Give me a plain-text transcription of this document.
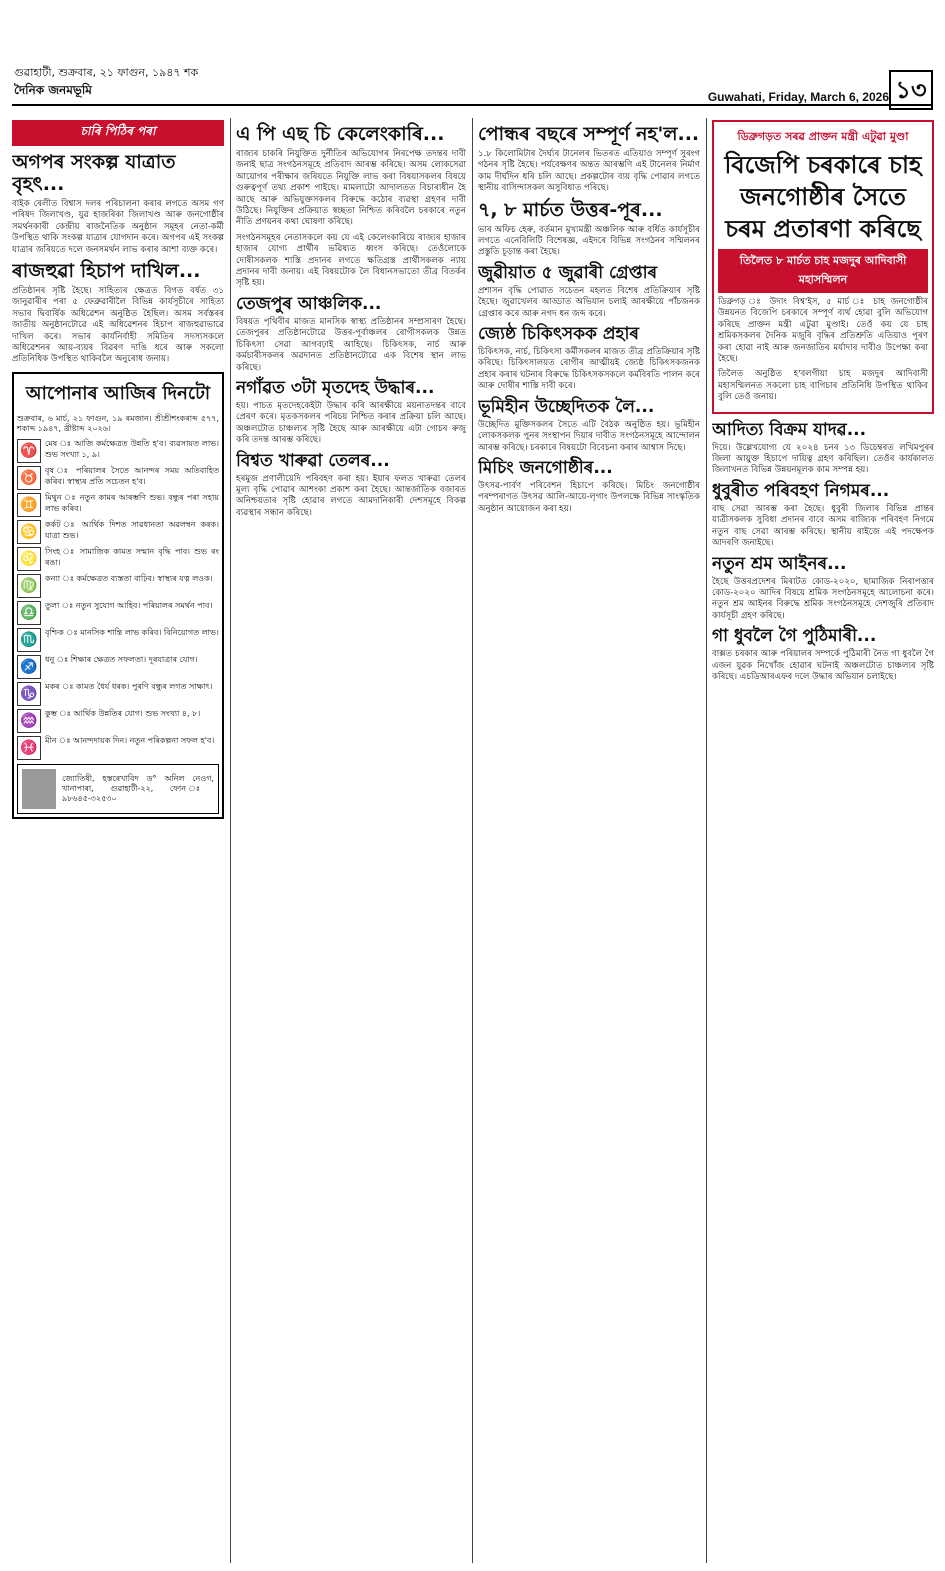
গুৱাহাটী, শুক্ৰবাৰ, ২১ ফাগুন, ১৯৪৭ শক
দৈনিক জনমভূমি	Guwahati, Friday, March 6, 2026 ১৩
চাৰি পিঠিৰ পৰা
অগপৰ সংকল্প যাত্ৰাত বৃহৎ...

বাইক ৰেলীত বিশ্বাস দলৰ পৰিচালনা কৰাৰ লগতে অসম গণ পৰিষদ জিলাখণ্ড, যুৱ হাজৰিকা জিলাখণ্ড আৰু জনগোষ্ঠীৰ সমৰ্থনকাৰী কেন্দ্ৰীয় ৰাজনৈতিক অনুষ্ঠান সমূহৰ নেতা-কৰ্মী উপস্থিত থাকি সংকল্প যাত্ৰাৰ যোগদান কৰে। অগপৰ এই সংকল্প যাত্ৰাৰ জৰিয়তে দলে জনসমৰ্থন লাভ কৰাৰ আশা ব্যক্ত কৰে।

ৰাজহুৱা হিচাপ দাখিল...

প্ৰতিষ্ঠানৰ সৃষ্টি হৈছে। সাহিত্যৰ ক্ষেত্ৰত বিগত বৰ্ষত ৩১ জানুৱাৰীৰ পৰা ৫ ফেব্ৰুৱাৰীলৈ বিভিন্ন কাৰ্যসূচীৰে সাহিত্য সভাৰ দ্বিবাৰ্ষিক অধিৱেশন অনুষ্ঠিত হৈছিল। অসম সৰ্বস্তৰৰ জাতীয় অনুষ্ঠানটোৱে এই অধিৱেশনৰ হিচাপ ৰাজহুৱাভাৱে দাখিল কৰে। সভাৰ কাৰ্যনিৰ্বাহী সমিতিৰ সদস্যসকলে অধিৱেশনৰ আয়-ব্যয়ৰ বিৱৰণ দাঙি ধৰে আৰু সকলো প্ৰতিনিধিক উপস্থিত থাকিবলৈ অনুৰোধ জনায়।

আপোনাৰ আজিৰ দিনটো

শুক্ৰবাৰ, ৬ মাৰ্চ, ২১ ফাগুন, ১৯ ৰমজান। শ্ৰীশ্ৰীশংকৰাব্দ ৫৭৭, শকাব্দ ১৯৪৭, খ্ৰীষ্টাব্দ ২০২৬।

♈ মেষ ঃ আজি কৰ্মক্ষেত্ৰত উন্নতি হ'ব। ব্যৱসায়ত লাভ। শুভ সংখ্যা ১, ৯।

♉ বৃষ ঃ পৰিয়ালৰ সৈতে আনন্দৰ সময় অতিবাহিত কৰিব। স্বাস্থ্যৰ প্ৰতি সচেতন হ'ব।

♊ মিথুন ঃ নতুন কামৰ আৰম্ভণি শুভ। বন্ধুৰ পৰা সহায় লাভ কৰিব।

♋ কৰ্কট ঃ আৰ্থিক দিশত সাৱধানতা অৱলম্বন কৰক। যাত্ৰা শুভ।

♌ সিংহ ঃ সামাজিক কামত সন্মান বৃদ্ধি পাব। শুভ ৰং ৰঙা।

♍ কন্যা ঃ কৰ্মক্ষেত্ৰত ব্যস্ততা বাঢ়িব। স্বাস্থ্যৰ যত্ন লওক।

♎ তুলা ঃ নতুন সুযোগ আহিব। পৰিয়ালৰ সমৰ্থন পাব।

♏ বৃশ্চিক ঃ মানসিক শান্তি লাভ কৰিব। বিনিয়োগত লাভ।

♐ ধনু ঃ শিক্ষাৰ ক্ষেত্ৰত সফলতা। দূৰযাত্ৰাৰ যোগ।

♑ মকৰ ঃ কামত ধৈৰ্য ধৰক। পুৰণি বন্ধুৰ লগত সাক্ষাৎ।

♒ কুম্ভ ঃ আৰ্থিক উন্নতিৰ যোগ। শুভ সংখ্যা ৪, ৮।

♓ মীন ঃ আনন্দদায়ক দিন। নতুন পৰিকল্পনা সফল হ'ব।

জ্যোতিষী, হস্তৰেখাবিদ ড° অনিল নেওগ, খানাপাৰা, গুৱাহাটী-২২, ফোন ঃ ৯৮৬৪৫-৩২৫৩০

এ পি এছ চি কেলেংকাৰি...

ৰাজ্যৰ চাকৰি নিযুক্তিত দুৰ্নীতিৰ অভিযোগৰ নিৰপেক্ষ তদন্তৰ দাবী জনাই ছাত্ৰ সংগঠনসমূহে প্ৰতিবাদ আৰম্ভ কৰিছে। অসম লোকসেৱা আয়োগৰ পৰীক্ষাৰ জৰিয়তে নিযুক্তি লাভ কৰা বিষয়াসকলৰ বিষয়ে গুৰুত্বপূৰ্ণ তথ্য প্ৰকাশ পাইছে। মামলাটো আদালতত বিচাৰাধীন হৈ আছে আৰু অভিযুক্তসকলৰ বিৰুদ্ধে কঠোৰ ব্যৱস্থা গ্ৰহণৰ দাবী উঠিছে। নিযুক্তিৰ প্ৰক্ৰিয়াত স্বচ্ছতা নিশ্চিত কৰিবলৈ চৰকাৰে নতুন নীতি প্ৰণয়নৰ কথা ঘোষণা কৰিছে।

সংগঠনসমূহৰ নেতাসকলে কয় যে এই কেলেংকাৰিয়ে ৰাজ্যৰ হাজাৰ হাজাৰ যোগ্য প্ৰাৰ্থীৰ ভৱিষ্যত ধ্বংস কৰিছে। তেওঁলোকে দোষীসকলক শাস্তি প্ৰদানৰ লগতে ক্ষতিগ্ৰস্ত প্ৰাৰ্থীসকলক ন্যায় প্ৰদানৰ দাবী জনায়। এই বিষয়টোক লৈ বিধানসভাতো তীব্ৰ বিতৰ্কৰ সৃষ্টি হয়।

তেজপুৰ আঞ্চলিক...

বিষয়ত পৃথিবীৰ মাজত মানসিক স্বাস্থ্য প্ৰতিষ্ঠানৰ সম্প্ৰসাৰণ হৈছে। তেজপুৰৰ প্ৰতিষ্ঠানটোৱে উত্তৰ-পূৰ্বাঞ্চলৰ ৰোগীসকলক উন্নত চিকিৎসা সেৱা আগবঢ়াই আহিছে। চিকিৎসক, নাৰ্চ আৰু কৰ্মচাৰীসকলৰ অৱদানত প্ৰতিষ্ঠানটোৱে এক বিশেষ স্থান লাভ কৰিছে।

নগাঁৱত ৩টা মৃতদেহ উদ্ধাৰ...

হয়। পাচত মৃতদেহকেইটা উদ্ধাৰ কৰি আৰক্ষীয়ে ময়নাতদন্তৰ বাবে প্ৰেৰণ কৰে। মৃতকসকলৰ পৰিচয় নিশ্চিত কৰাৰ প্ৰক্ৰিয়া চলি আছে। অঞ্চলটোত চাঞ্চল্যৰ সৃষ্টি হৈছে আৰু আৰক্ষীয়ে এটা গোচৰ ৰুজু কৰি তদন্ত আৰম্ভ কৰিছে।

বিশ্বত খাৰুৱা তেলৰ...

হৰমুজ প্ৰণালীয়েদি পৰিবহণ কৰা হয়। ইয়াৰ ফলত খাৰুৱা তেলৰ মূল্য বৃদ্ধি পোৱাৰ আশংকা প্ৰকাশ কৰা হৈছে। আন্তৰ্জাতিক বজাৰত অনিশ্চয়তাৰ সৃষ্টি হোৱাৰ লগতে আমদানিকাৰী দেশসমূহে বিকল্প ব্যৱস্থাৰ সন্ধান কৰিছে।

পোন্ধৰ বছৰে সম্পূৰ্ণ নহ'ল...

১.৮ কিলোমিটাৰ দৈৰ্ঘ্যৰ টানেলৰ ভিতৰত এতিয়াও সম্পূৰ্ণ সুৰংগ গঠনৰ সৃষ্টি হৈছে। পৰ্যবেক্ষণৰ অন্তত আৰম্ভণি এই টানেলৰ নিৰ্মাণ কাম দীৰ্ঘদিন ধৰি চলি আছে। প্ৰকল্পটোৰ ব্যয় বৃদ্ধি পোৱাৰ লগতে স্থানীয় বাসিন্দাসকল অসুবিধাত পৰিছে।

৭, ৮ মাৰ্চত উত্তৰ-পূৰ...

ভাৰ অফিচ হেৰু, বৰ্তমান মুখ্যমন্ত্ৰী অঞ্চলিক আৰু বৰ্ধিত কাৰ্যসূচীৰ লগতে এনেবিলিটি বিশেষজ্ঞ, এইদৰে বিভিন্ন সংগঠনৰ সম্মিলনৰ প্ৰস্তুতি চূড়ান্ত কৰা হৈছে।

জুৱীয়াত ৫ জুৱাৰী গ্ৰেপ্তাৰ

প্ৰশাসন বৃদ্ধি পোৱাত সচেতন মহলত বিশেষ প্ৰতিক্ৰিয়াৰ সৃষ্টি হৈছে। জুৱাখেলৰ আড্ডাত অভিযান চলাই আৰক্ষীয়ে পাঁচজনক গ্ৰেপ্তাৰ কৰে আৰু নগদ ধন জব্দ কৰে।

জ্যেষ্ঠ চিকিৎসকক প্ৰহাৰ

চিকিৎসক, নাৰ্চ, চিকিৎসা কৰ্মীসকলৰ মাজত তীব্ৰ প্ৰতিক্ৰিয়াৰ সৃষ্টি কৰিছে। চিকিৎসালয়ত ৰোগীৰ আত্মীয়ই জ্যেষ্ঠ চিকিৎসকজনক প্ৰহাৰ কৰাৰ ঘটনাৰ বিৰুদ্ধে চিকিৎসকসকলে কৰ্মবিৰতি পালন কৰে আৰু দোষীৰ শাস্তি দাবী কৰে।

ভূমিহীন উচ্ছেদিতক লৈ...

উচ্ছেদিত মুক্তিসকলৰ সৈতে এটি বৈঠক অনুষ্ঠিত হয়। ভূমিহীন লোকসকলক পুনৰ সংস্থাপন দিয়াৰ দাবীত সংগঠনসমূহে আন্দোলন আৰম্ভ কৰিছে। চৰকাৰে বিষয়টো বিবেচনা কৰাৰ আশ্বাস দিছে।

মিচিং জনগোষ্ঠীৰ...

উৎসৱ-পাৰ্বণ পৰিবেশন হিচাপে কৰিছে। মিচিং জনগোষ্ঠীৰ পৰম্পৰাগত উৎসৱ আলি-আয়ে-লৃগাং উপলক্ষে বিভিন্ন সাংস্কৃতিক অনুষ্ঠান আয়োজন কৰা হয়।

ডিব্ৰুগড়ত সৰৱ প্ৰাক্তন মন্ত্ৰী এটুৱা মুণ্ডা
বিজেপি চৰকাৰে চাহ জনগোষ্ঠীৰ সৈতে চৰম প্ৰতাৰণা কৰিছে
তিলৈত ৮ মাৰ্চত চাহ মজদুৰ আদিবাসী মহাসম্মিলন

ডিব্ৰুগড় ঃ উদাং বিশ্ব'ইস, ৫ মাৰ্চ ঃ চাহ জনগোষ্ঠীৰ উন্নয়নত বিজেপি চৰকাৰে সম্পূৰ্ণ ব্যৰ্থ হোৱা বুলি অভিযোগ কৰিছে প্ৰাক্তন মন্ত্ৰী এটুৱা মুণ্ডাই। তেওঁ কয় যে চাহ শ্ৰমিকসকলৰ দৈনিক মজুৰি বৃদ্ধিৰ প্ৰতিশ্ৰুতি এতিয়াও পূৰণ কৰা হোৱা নাই আৰু জনজাতিৰ মৰ্যাদাৰ দাবীও উপেক্ষা কৰা হৈছে।

তিলৈত অনুষ্ঠিত হ'বলগীয়া চাহ মজদুৰ আদিবাসী মহাসম্মিলনত সকলো চাহ বাগিচাৰ প্ৰতিনিধি উপস্থিত থাকিব বুলি তেওঁ জনায়।

আদিত্য বিক্ৰম যাদৱ...

দিয়ে। উল্লেখযোগ্য যে ২০২৪ চনৰ ১৩ ডিচেম্বৰত লখিমপুৰৰ জিলা আয়ুক্ত হিচাপে দায়িত্ব গ্ৰহণ কৰিছিল। তেওঁৰ কাৰ্যকালত জিলাখনত বিভিন্ন উন্নয়নমূলক কাম সম্পন্ন হয়।

ধুবুৰীত পৰিবহণ নিগমৰ...

বাছ সেৱা আৰম্ভ কৰা হৈছে। ধুবুৰী জিলাৰ বিভিন্ন প্ৰান্তৰ যাত্ৰীসকলক সুবিধা প্ৰদানৰ বাবে অসম ৰাজ্যিক পৰিবহণ নিগমে নতুন বাছ সেৱা আৰম্ভ কৰিছে। স্থানীয় ৰাইজে এই পদক্ষেপক আদৰণি জনাইছে।

নতুন শ্ৰম আইনৰ...

হৈছে উত্তৰপ্ৰদেশৰ মিৰাটত কোড-২০২০, ছামাজিক নিৰাপত্তাৰ কোড-২০২০ আদিৰ বিষয়ে শ্ৰমিক সংগঠনসমূহে আলোচনা কৰে। নতুন শ্ৰম আইনৰ বিৰুদ্ধে শ্ৰমিক সংগঠনসমূহে দেশজুৰি প্ৰতিবাদ কাৰ্যসূচী গ্ৰহণ কৰিছে।

গা ধুবলৈ গৈ পুঠিমাৰী...

বাক্সত চৰকাৰ আৰু পৰিয়ালৰ সম্পৰ্কে পুঠিমাৰী নৈত গা ধুবলৈ গৈ এজন যুৱক নিখোঁজ হোৱাৰ ঘটনাই অঞ্চলটোত চাঞ্চল্যৰ সৃষ্টি কৰিছে। এচডিআৰএফৰ দলে উদ্ধাৰ অভিযান চলাইছে।
